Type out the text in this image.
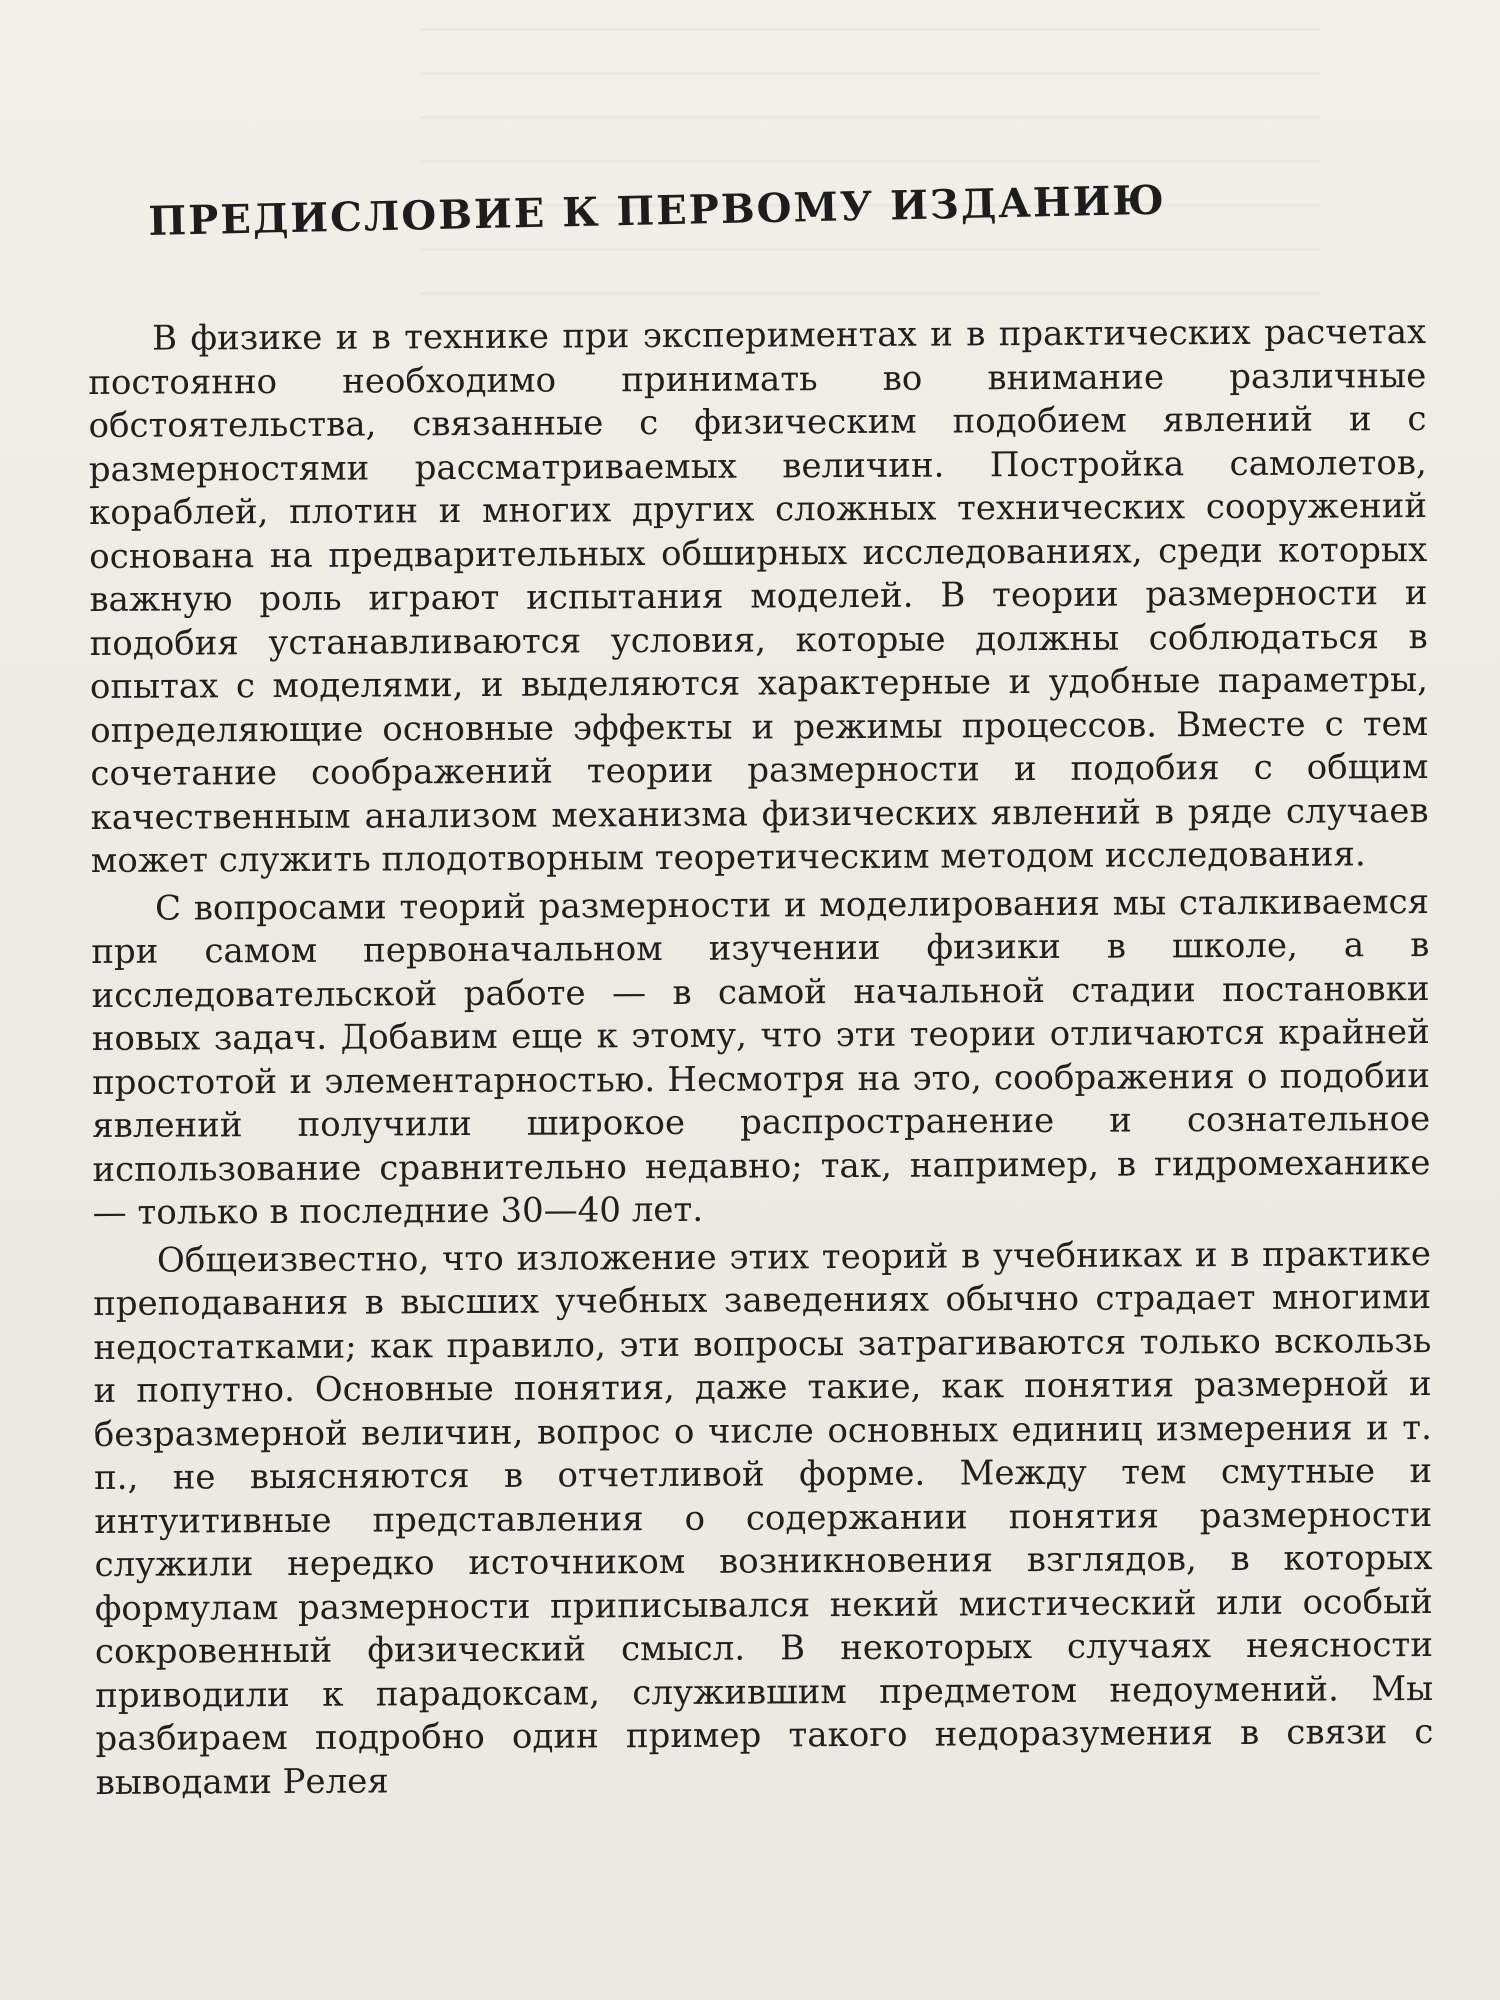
ПРЕДИСЛОВИЕ К ПЕРВОМУ ИЗДАНИЮ

В физике и в технике при экспериментах и в практических расчетах постоянно необходимо принимать во внимание различные обстоятельства, связанные с физическим подобием явлений и с размерностями рассматриваемых величин. Постройка самолетов, кораблей, плотин и многих других сложных технических сооружений основана на предварительных обширных исследованиях, среди которых важную роль играют испытания моделей. В теории размерности и подобия устанавливаются условия, которые должны соблюдаться в опытах с моделями, и выделяются характерные и удобные параметры, определяющие основные эффекты и режимы процессов. Вместе с тем сочетание соображений теории размерности и подобия с общим качественным анализом механизма физических явлений в ряде случаев может служить плодотворным теоретическим методом исследования.

С вопросами теорий размерности и моделирования мы сталкиваемся при самом первоначальном изучении физики в школе, а в исследовательской работе — в самой начальной стадии постановки новых задач. Добавим еще к этому, что эти теории отличаются крайней простотой и элементарностью. Несмотря на это, соображения о подобии явлений получили широкое распространение и сознательное использование сравнительно недавно; так, например, в гидромеханике — только в последние 30—40 лет.

Общеизвестно, что изложение этих теорий в учебниках и в практике преподавания в высших учебных заведениях обычно страдает многими недостатками; как правило, эти вопросы затрагиваются только вскользь и попутно. Основные понятия, даже такие, как понятия размерной и безразмерной величин, вопрос о числе основных единиц измерения и т. п., не выясняются в отчетливой форме. Между тем смутные и интуитивные представления о содержании понятия размерности служили нередко источником возникновения взглядов, в которых формулам размерности приписывался некий мистический или особый сокровенный физический смысл. В некоторых случаях неясности приводили к парадоксам, служившим предметом недоумений. Мы разбираем подробно один пример такого недоразумения в связи с выводами Релея
